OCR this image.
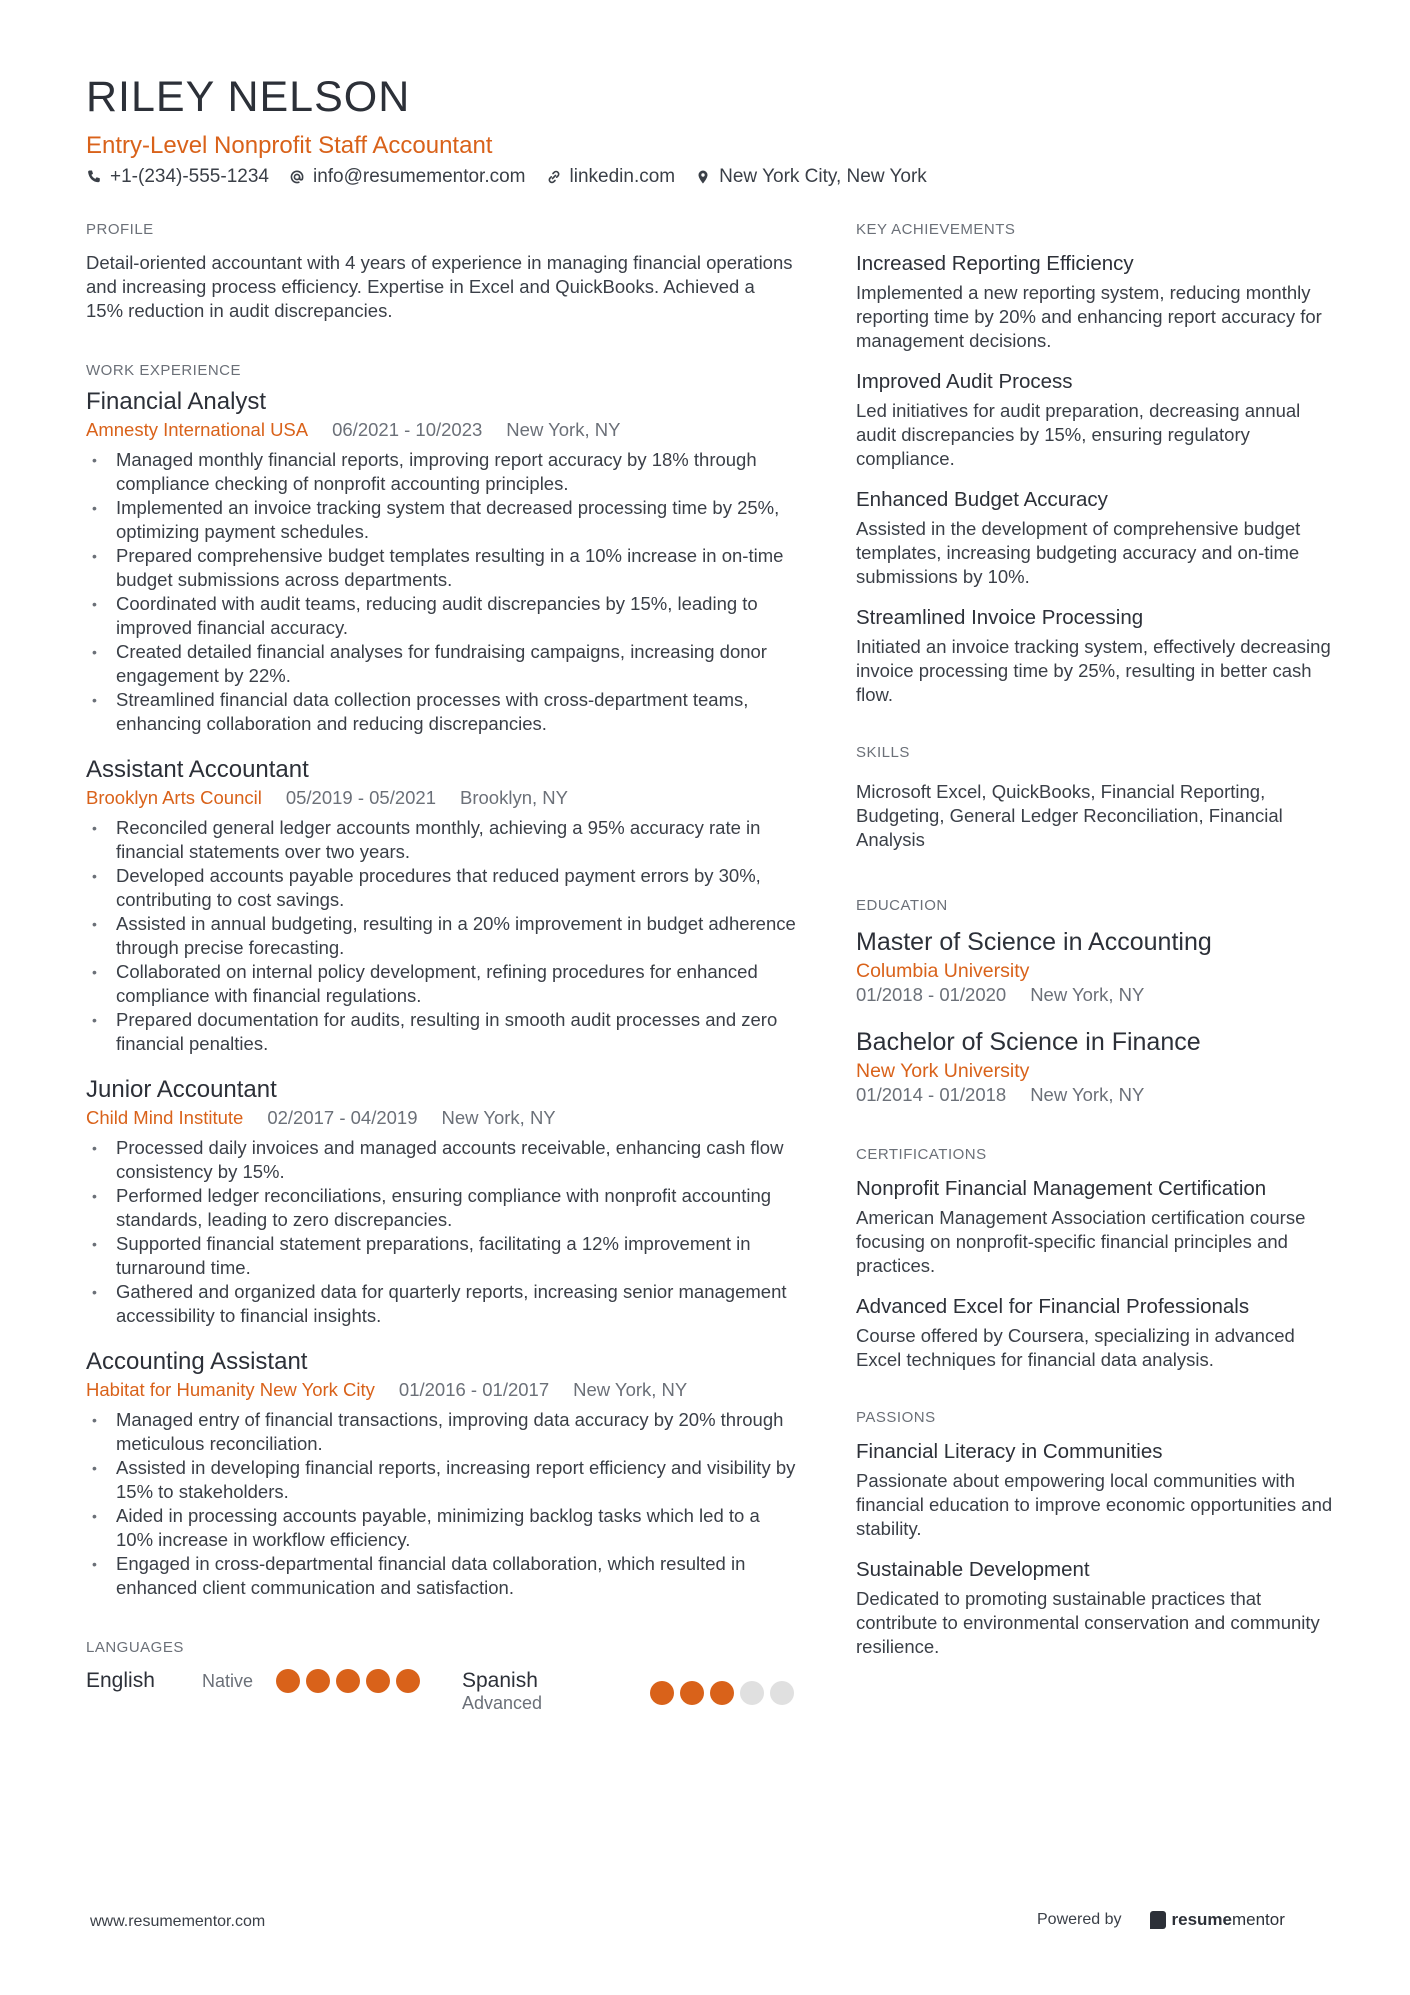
RILEY NELSON
Entry-Level Nonprofit Staff Accountant
+1-(234)-555-1234 info@resumementor.com linkedin.com New York City, New York
PROFILE
Detail-oriented accountant with 4 years of experience in managing financial operations and increasing process efficiency. Expertise in Excel and QuickBooks. Achieved a 15% reduction in audit discrepancies.
WORK EXPERIENCE
Financial Analyst
Amnesty International USA 06/2021 - 10/2023 New York, NY
• Managed monthly financial reports, improving report accuracy by 18% through compliance checking of nonprofit accounting principles.
• Implemented an invoice tracking system that decreased processing time by 25%, optimizing payment schedules.
• Prepared comprehensive budget templates resulting in a 10% increase in on-time budget submissions across departments.
• Coordinated with audit teams, reducing audit discrepancies by 15%, leading to improved financial accuracy.
• Created detailed financial analyses for fundraising campaigns, increasing donor engagement by 22%.
• Streamlined financial data collection processes with cross-department teams, enhancing collaboration and reducing discrepancies.
Assistant Accountant
Brooklyn Arts Council 05/2019 - 05/2021 Brooklyn, NY
• Reconciled general ledger accounts monthly, achieving a 95% accuracy rate in financial statements over two years.
• Developed accounts payable procedures that reduced payment errors by 30%, contributing to cost savings.
• Assisted in annual budgeting, resulting in a 20% improvement in budget adherence through precise forecasting.
• Collaborated on internal policy development, refining procedures for enhanced compliance with financial regulations.
• Prepared documentation for audits, resulting in smooth audit processes and zero financial penalties.
Junior Accountant
Child Mind Institute 02/2017 - 04/2019 New York, NY
• Processed daily invoices and managed accounts receivable, enhancing cash flow consistency by 15%.
• Performed ledger reconciliations, ensuring compliance with nonprofit accounting standards, leading to zero discrepancies.
• Supported financial statement preparations, facilitating a 12% improvement in turnaround time.
• Gathered and organized data for quarterly reports, increasing senior management accessibility to financial insights.
Accounting Assistant
Habitat for Humanity New York City 01/2016 - 01/2017 New York, NY
• Managed entry of financial transactions, improving data accuracy by 20% through meticulous reconciliation.
• Assisted in developing financial reports, increasing report efficiency and visibility by 15% to stakeholders.
• Aided in processing accounts payable, minimizing backlog tasks which led to a 10% increase in workflow efficiency.
• Engaged in cross-departmental financial data collaboration, which resulted in enhanced client communication and satisfaction.
LANGUAGES
English	Native	Spanish
Advanced
KEY ACHIEVEMENTS
Increased Reporting Efficiency
Implemented a new reporting system, reducing monthly reporting time by 20% and enhancing report accuracy for management decisions.
Improved Audit Process
Led initiatives for audit preparation, decreasing annual audit discrepancies by 15%, ensuring regulatory compliance.
Enhanced Budget Accuracy
Assisted in the development of comprehensive budget templates, increasing budgeting accuracy and on-time submissions by 10%.
Streamlined Invoice Processing
Initiated an invoice tracking system, effectively decreasing invoice processing time by 25%, resulting in better cash flow.
SKILLS
Microsoft Excel, QuickBooks, Financial Reporting, Budgeting, General Ledger Reconciliation, Financial Analysis
EDUCATION
Master of Science in Accounting
Columbia University
01/2018 - 01/2020 New York, NY
Bachelor of Science in Finance
New York University
01/2014 - 01/2018 New York, NY
CERTIFICATIONS
Nonprofit Financial Management Certification
American Management Association certification course focusing on nonprofit-specific financial principles and practices.
Advanced Excel for Financial Professionals
Course offered by Coursera, specializing in advanced Excel techniques for financial data analysis.
PASSIONS
Financial Literacy in Communities
Passionate about empowering local communities with financial education to improve economic opportunities and stability.
Sustainable Development
Dedicated to promoting sustainable practices that contribute to environmental conservation and community resilience.
www.resumementor.com	Powered by	resumementor
